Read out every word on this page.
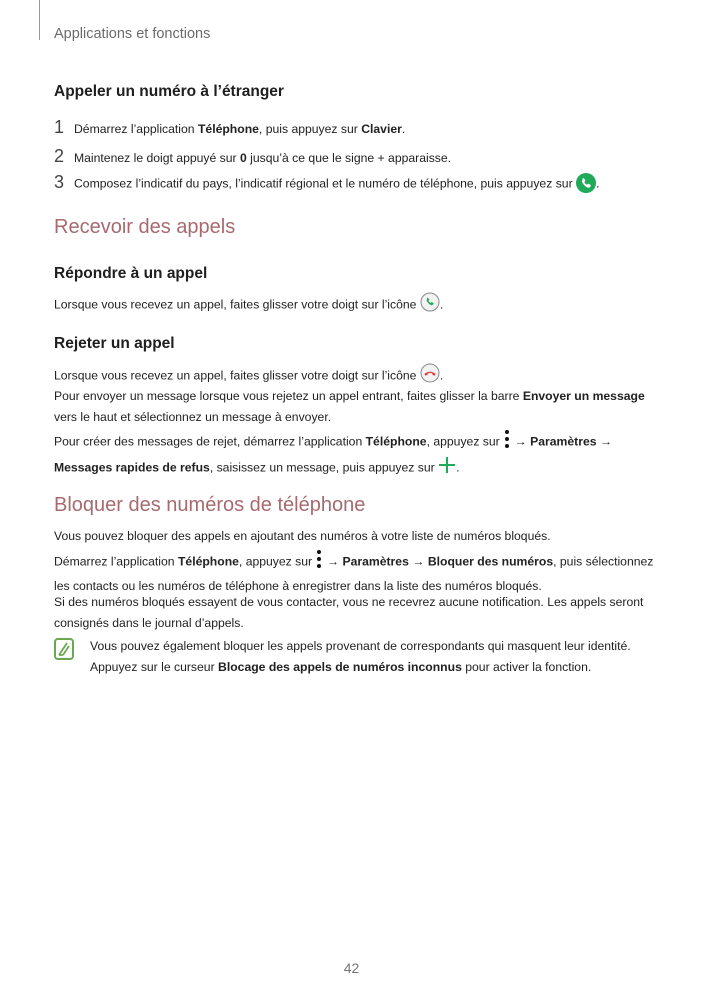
Applications et fonctions
Appeler un numéro à l’étranger
1 Démarrez l’application Téléphone, puis appuyez sur Clavier.
2 Maintenez le doigt appuyé sur 0 jusqu’à ce que le signe + apparaisse.
3 Composez l’indicatif du pays, l’indicatif régional et le numéro de téléphone, puis appuyez sur .
Recevoir des appels
Répondre à un appel
Lorsque vous recevez un appel, faites glisser votre doigt sur l’icône .
Rejeter un appel
Lorsque vous recevez un appel, faites glisser votre doigt sur l’icône .
Pour envoyer un message lorsque vous rejetez un appel entrant, faites glisser la barre Envoyer un message vers le haut et sélectionnez un message à envoyer.
Pour créer des messages de rejet, démarrez l’application Téléphone, appuyez sur  → Paramètres → Messages rapides de refus, saisissez un message, puis appuyez sur .
Bloquer des numéros de téléphone
Vous pouvez bloquer des appels en ajoutant des numéros à votre liste de numéros bloqués.
Démarrez l’application Téléphone, appuyez sur  → Paramètres → Bloquer des numéros, puis sélectionnez les contacts ou les numéros de téléphone à enregistrer dans la liste des numéros bloqués.
Si des numéros bloqués essayent de vous contacter, vous ne recevrez aucune notification. Les appels seront consignés dans le journal d’appels.
Vous pouvez également bloquer les appels provenant de correspondants qui masquent leur identité. Appuyez sur le curseur Blocage des appels de numéros inconnus pour activer la fonction.
42
